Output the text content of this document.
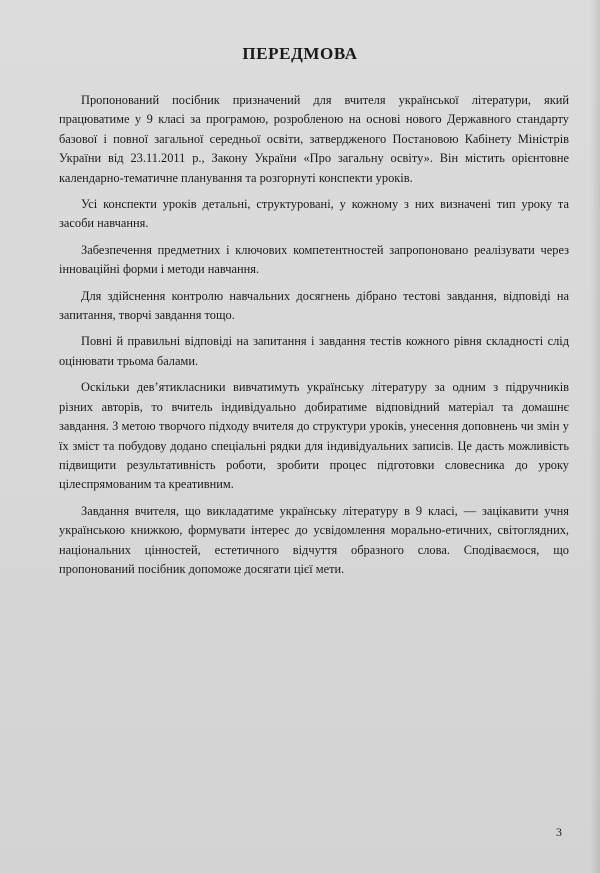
ПЕРЕДМОВА

Пропонований посібник призначений для вчителя української літератури, який працюватиме у 9 класі за програмою, розробленою на основі нового Державного стандарту базової і повної загальної середньої освіти, затвердженого Постановою Кабінету Міністрів України від 23.11.2011 р., Закону України «Про загальну освіту». Він містить орієнтовне календарно-тематичне планування та розгорнуті конспекти уроків.

Усі конспекти уроків детальні, структуровані, у кожному з них визначені тип уроку та засоби навчання.

Забезпечення предметних і ключових компетентностей запропоновано реалізувати через інноваційні форми і методи навчання.

Для здійснення контролю навчальних досягнень дібрано тестові завдання, відповіді на запитання, творчі завдання тощо.

Повні й правильні відповіді на запитання і завдання тестів кожного рівня складності слід оцінювати трьома балами.

Оскільки дев’ятикласники вивчатимуть українську літературу за одним з підручників різних авторів, то вчитель індивідуально добиратиме відповідний матеріал та домашнє завдання. З метою творчого підходу вчителя до структури уроків, унесення доповнень чи змін у їх зміст та побудову додано спеціальні рядки для індивідуальних записів. Це дасть можливість підвищити результативність роботи, зробити процес підготовки словесника до уроку цілеспрямованим та креативним.

Завдання вчителя, що викладатиме українську літературу в 9 класі, — зацікавити учня українською книжкою, формувати інтерес до усвідомлення морально-етичних, світоглядних, національних цінностей, естетичного відчуття образного слова. Сподіваємося, що пропонований посібник допоможе досягати цієї мети.

3
